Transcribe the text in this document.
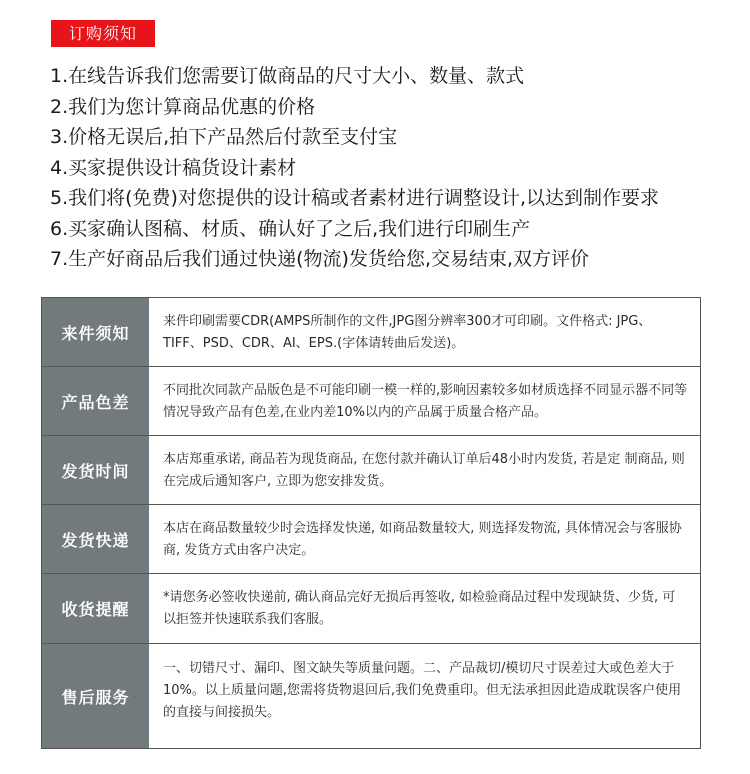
订购须知
1.在线告诉我们您需要订做商品的尺寸大小、数量、款式
2.我们为您计算商品优惠的价格
3.价格无误后,拍下产品然后付款至支付宝
4.买家提供设计稿货设计素材
5.我们将(免费)对您提供的设计稿或者素材进行调整设计,以达到制作要求
6.买家确认图稿、材质、确认好了之后,我们进行印刷生产
7.生产好商品后我们通过快递(物流)发货给您,交易结束,双方评价
来件须知
来件印刷需要CDR(AMPS所制作的文件,JPG图分辨率300才可印刷。文件格式: JPG、TIFF、PSD、CDR、AI、EPS.(字体请转曲后发送)。
产品色差
不同批次同款产品版色是不可能印刷一模一样的,影响因素较多如材质选择不同显示器不同等情况导致产品有色差,在业内差10%以内的产品属于质量合格产品。
发货时间
本店郑重承诺, 商品若为现货商品, 在您付款并确认订单后48小时内发货, 若是定 制商品, 则在完成后通知客户, 立即为您安排发货。
发货快递
本店在商品数量较少时会选择发快递, 如商品数量较大, 则选择发物流, 具体情况会与客服协商, 发货方式由客户决定。
收货提醒
*请您务必签收快递前, 确认商品完好无损后再签收, 如检验商品过程中发现缺货、少货, 可以拒签并快速联系我们客服。
售后服务
一、切错尺寸、漏印、图文缺失等质量问题。二、产品裁切/模切尺寸误差过大或色差大于10%。以上质量问题,您需将货物退回后,我们免费重印。但无法承担因此造成耽误客户使用的直接与间接损失。
